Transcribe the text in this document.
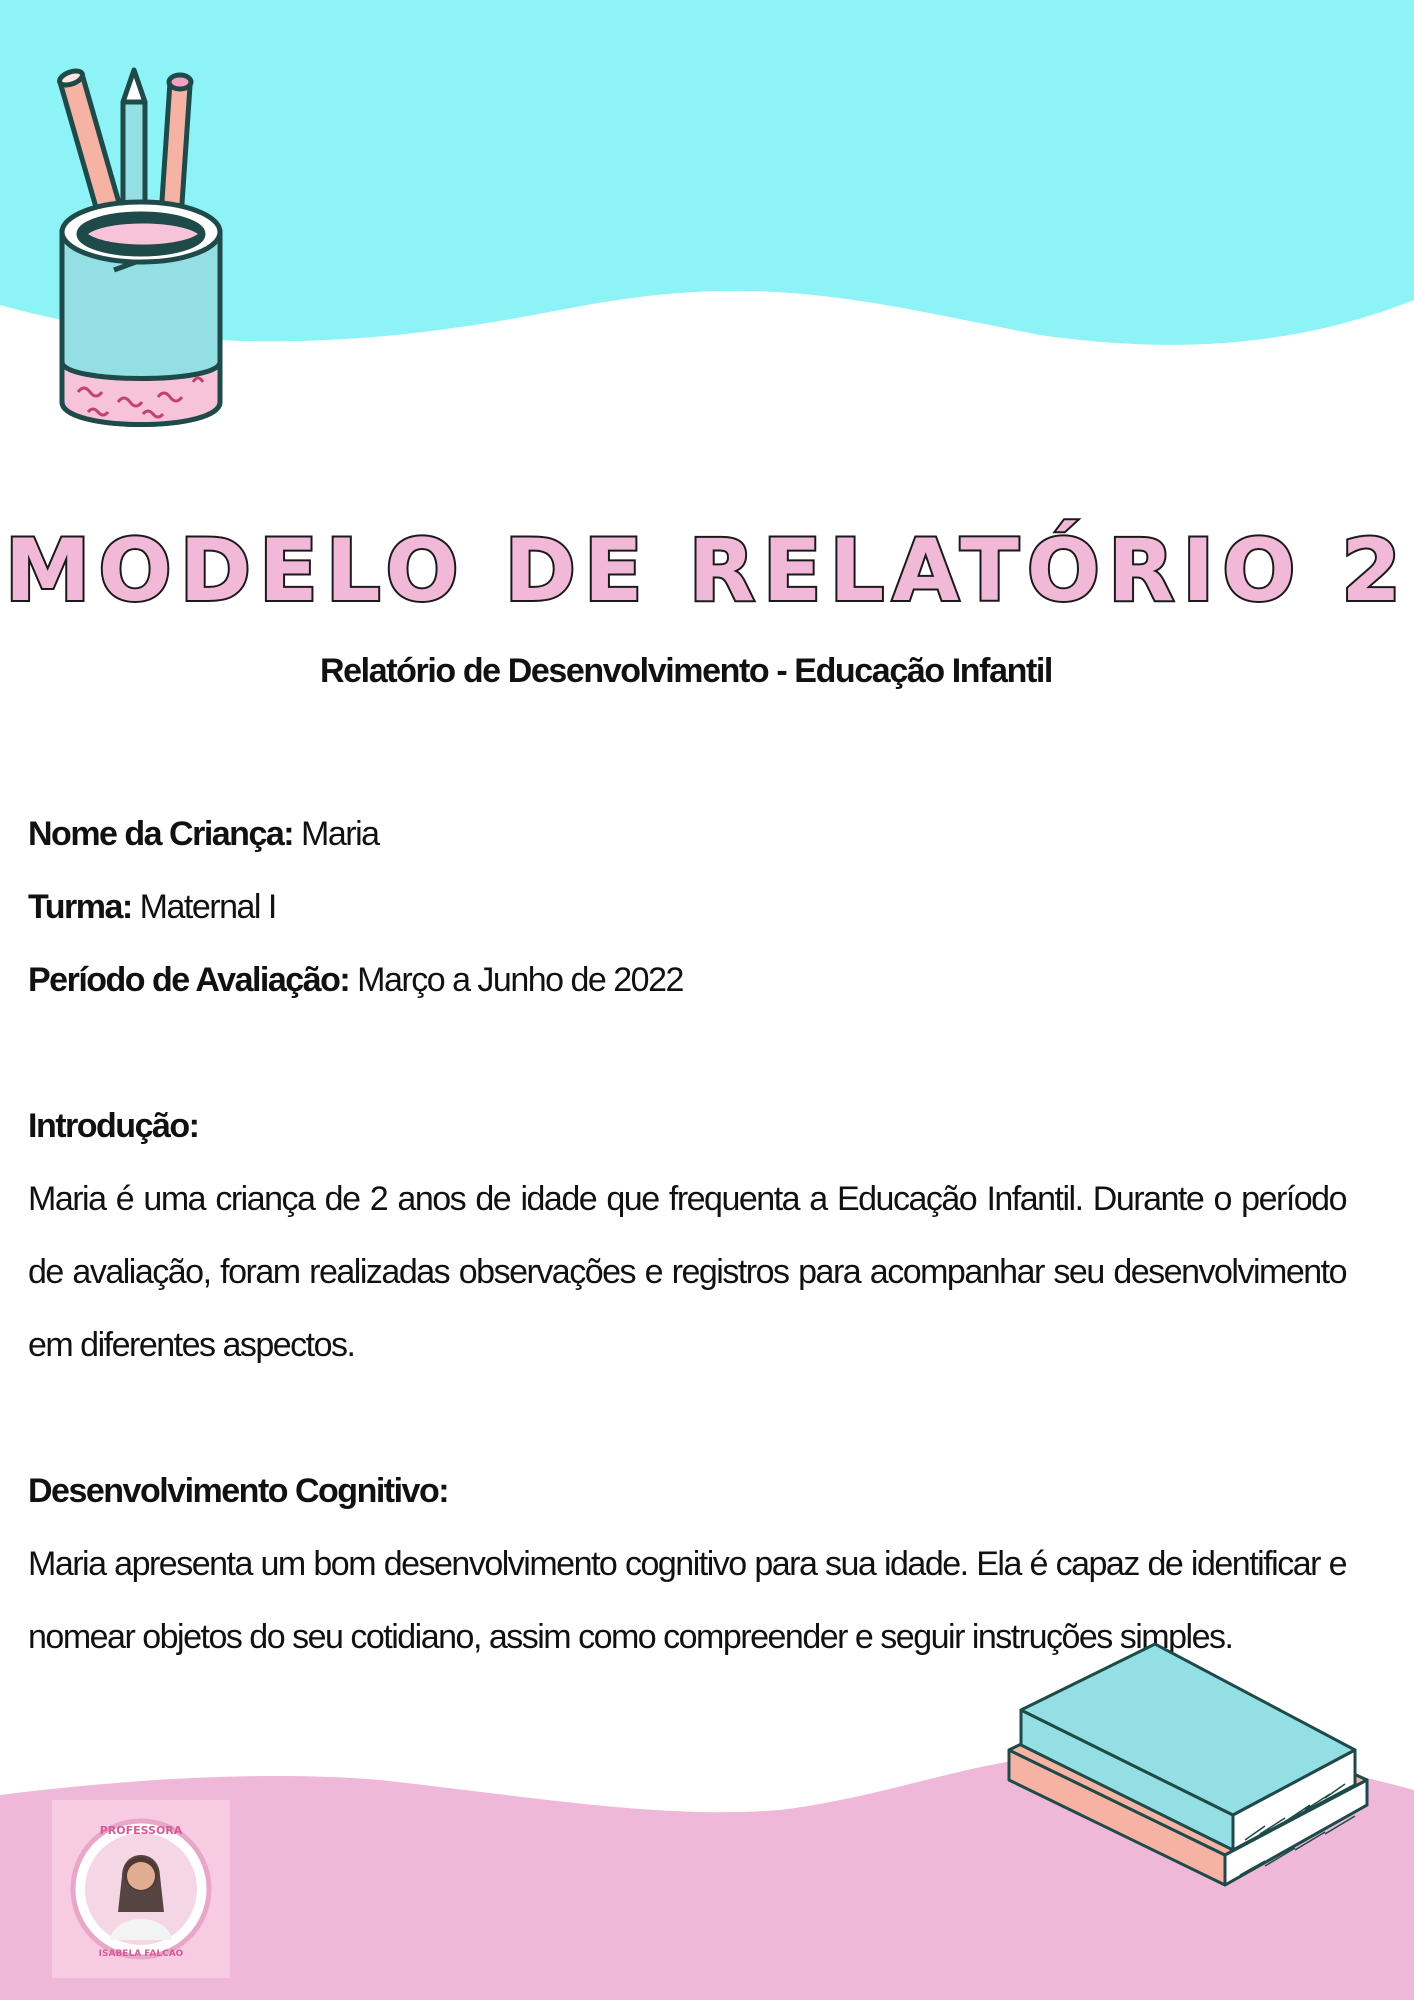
MODELO DE RELATÓRIO 2
Relatório de Desenvolvimento - Educação Infantil

Nome da Criança: Maria

Turma: Maternal I

Período de Avaliação: Março a Junho de 2022

Introdução:

Maria é uma criança de 2 anos de idade que frequenta a Educação Infantil. Durante o período de avaliação, foram realizadas observações e registros para acompanhar seu desenvolvimento em diferentes aspectos.

Desenvolvimento Cognitivo:

Maria apresenta um bom desenvolvimento cognitivo para sua idade. Ela é capaz de identificar e nomear objetos do seu cotidiano, assim como compreender e seguir instruções simples.

PROFESSORA
ISABELA FALCAO
